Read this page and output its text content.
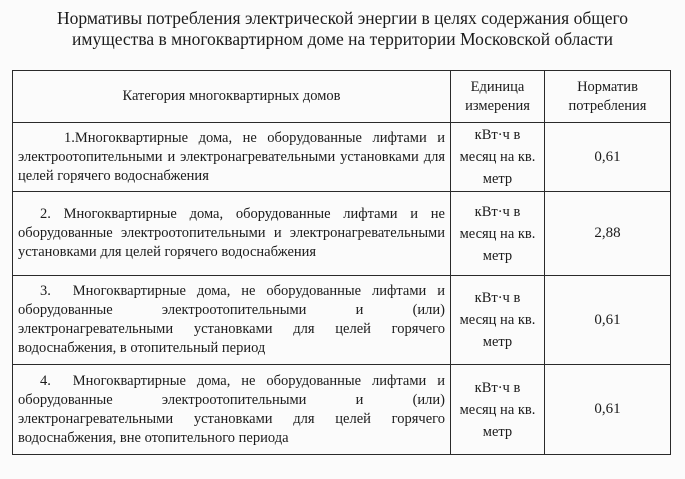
Нормативы потребления электрической энергии в целях содержания общего
имущества в многоквартирном доме на территории Московской области
Категория многоквартирных домов	Единица измерения	Норматив потребления
1.Многоквартирные дома, не оборудованные лифтами и электроотопительными и электронагревательными установками для целей горячего водоснабжения	кВт·ч в месяц на кв. метр	0,61
2. Многоквартирные дома, оборудованные лифтами и не оборудованные электроотопительными и электронагревательными установками для целей горячего водоснабжения	кВт·ч в месяц на кв. метр	2,88
3. Многоквартирные дома, не оборудованные лифтами и оборудованные электроотопительными и (или) электронагревательными установками для целей горячего водоснабжения, в отопительный период	кВт·ч в месяц на кв. метр	0,61
4. Многоквартирные дома, не оборудованные лифтами и оборудованные электроотопительными и (или) электронагревательными установками для целей горячего водоснабжения, вне отопительного периода	кВт·ч в месяц на кв. метр	0,61
